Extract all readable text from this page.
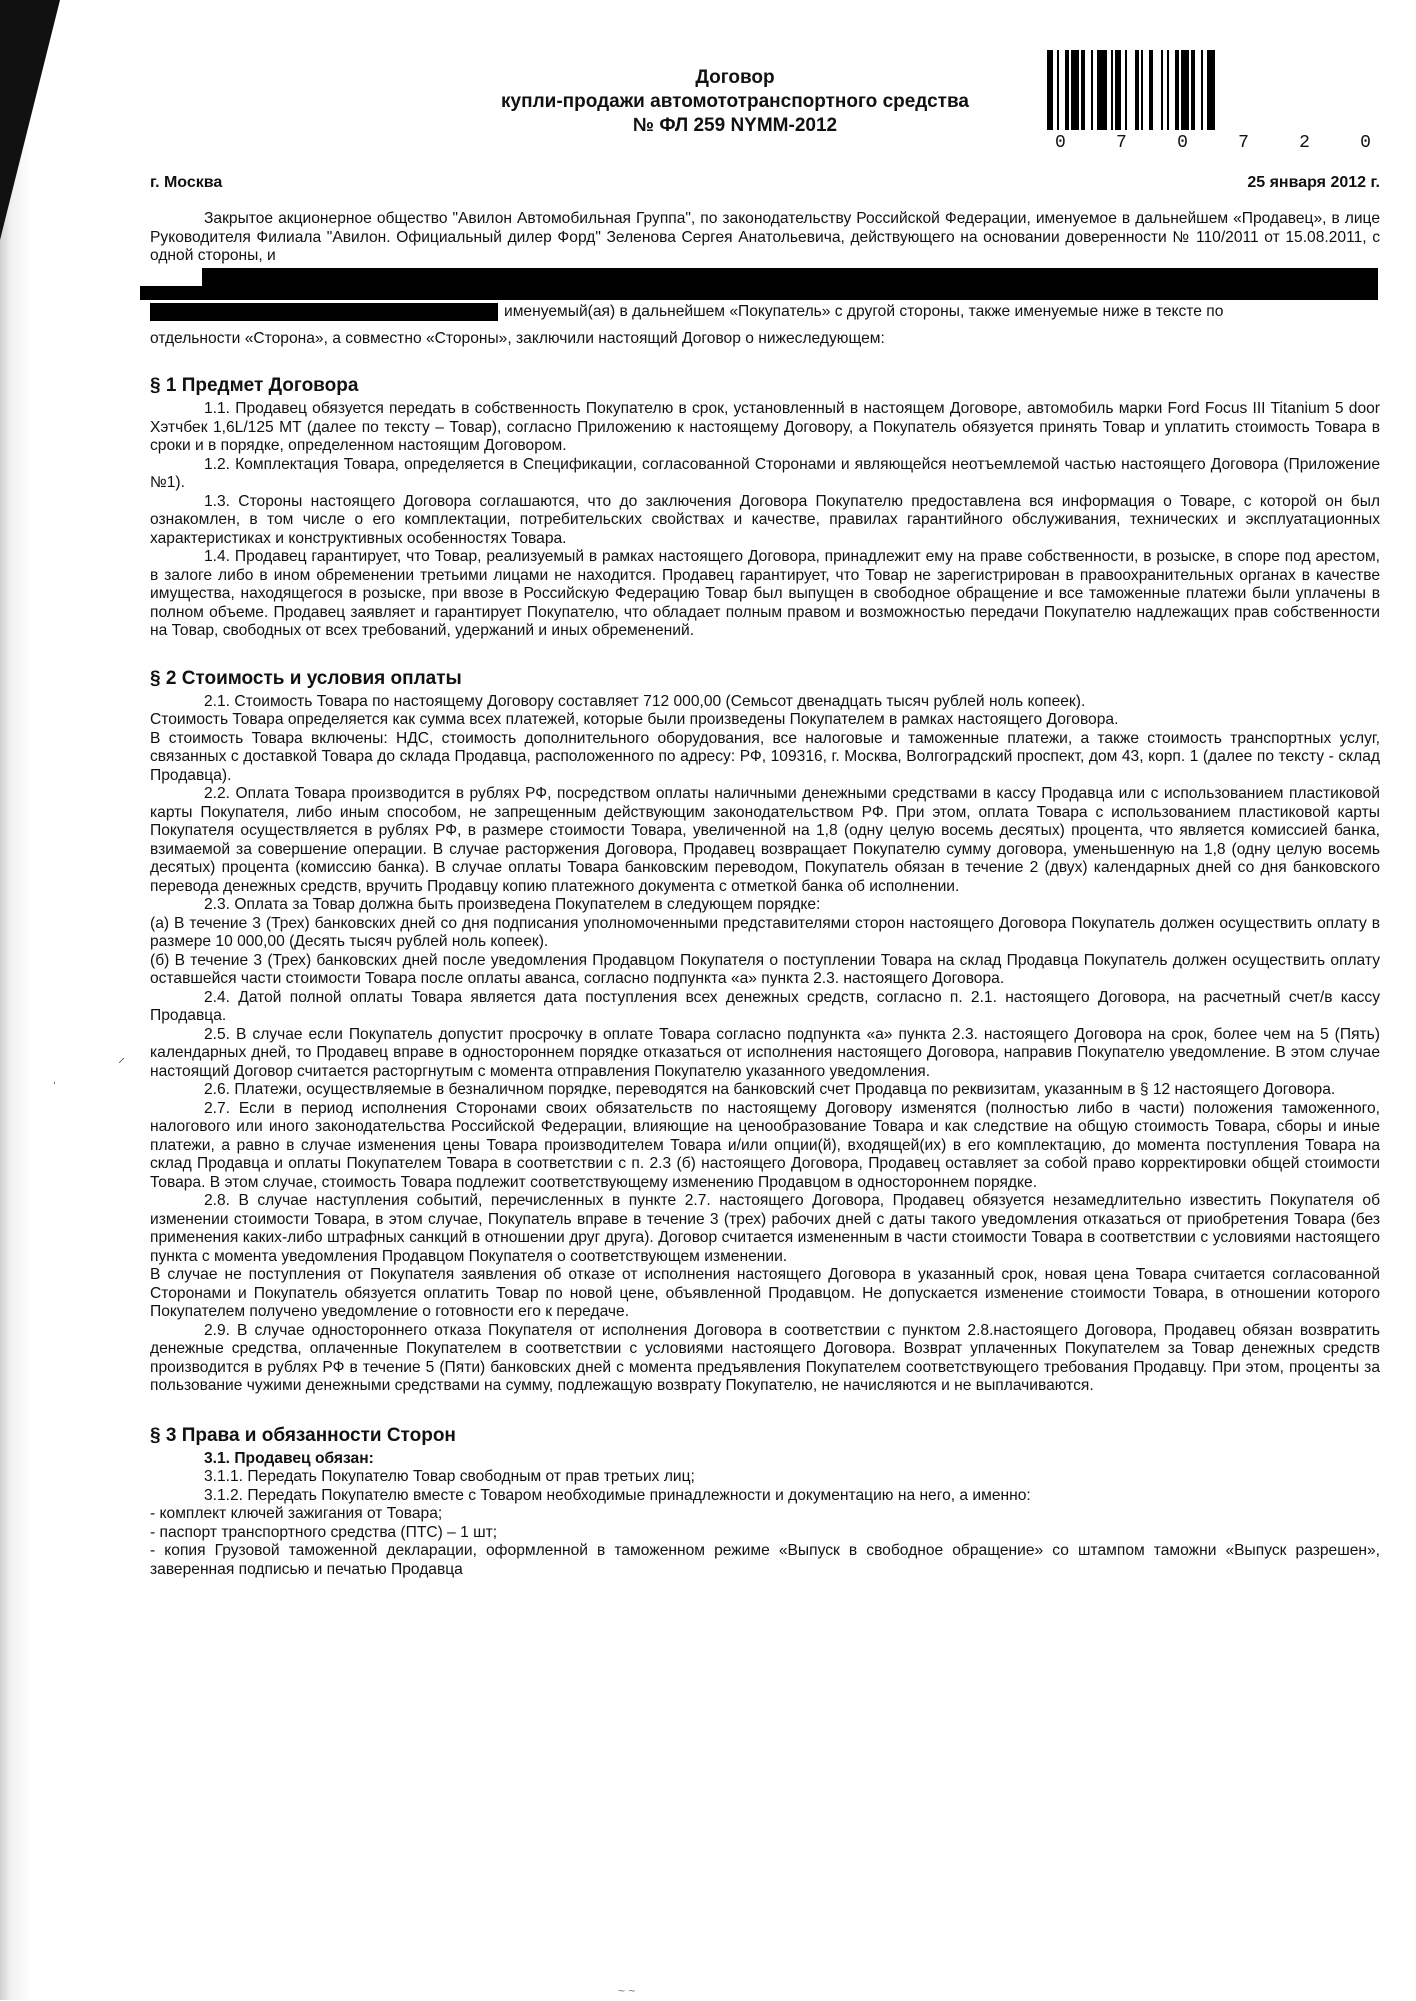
Договор
купли-продажи автомототранспортного средства
№ ФЛ 259 NYMM-2012
0	7	0	7	2	0
г. Москва	25 января 2012 г.

Закрытое акционерное общество "Авилон Автомобильная Группа", по законодательству Российской Федерации, именуемое в дальнейшем «Продавец», в лице Руководителя Филиала "Авилон. Официальный дилер Форд" Зеленова Сергея Анатольевича, действующего на основании доверенности № 110/2011 от 15.08.2011, с одной стороны, и

именуемый(ая) в дальнейшем «Покупатель» с другой стороны, также именуемые ниже в тексте по

отдельности «Сторона», а совместно «Стороны», заключили настоящий Договор о нижеследующем:

§ 1 Предмет Договора

1.1. Продавец обязуется передать в собственность Покупателю в срок, установленный в настоящем Договоре, автомобиль марки Ford Focus III Titanium 5 door Хэтчбек 1,6L/125 MT (далее по тексту – Товар), согласно Приложению к настоящему Договору, а Покупатель обязуется принять Товар и уплатить стоимость Товара в сроки и в порядке, определенном настоящим Договором.

1.2. Комплектация Товара, определяется в Спецификации, согласованной Сторонами и являющейся неотъемлемой частью настоящего Договора (Приложение №1).

1.3. Стороны настоящего Договора соглашаются, что до заключения Договора Покупателю предоставлена вся информация о Товаре, с которой он был ознакомлен, в том числе о его комплектации, потребительских свойствах и качестве, правилах гарантийного обслуживания, технических и эксплуатационных характеристиках и конструктивных особенностях Товара.

1.4. Продавец гарантирует, что Товар, реализуемый в рамках настоящего Договора, принадлежит ему на праве собственности, в розыске, в споре под арестом, в залоге либо в ином обременении третьими лицами не находится. Продавец гарантирует, что Товар не зарегистрирован в правоохранительных органах в качестве имущества, находящегося в розыске, при ввозе в Российскую Федерацию Товар был выпущен в свободное обращение и все таможенные платежи были уплачены в полном объеме. Продавец заявляет и гарантирует Покупателю, что обладает полным правом и возможностью передачи Покупателю надлежащих прав собственности на Товар, свободных от всех требований, удержаний и иных обременений.

§ 2 Стоимость и условия оплаты

2.1. Стоимость Товара по настоящему Договору составляет 712 000,00 (Семьсот двенадцать тысяч рублей ноль копеек).

Стоимость Товара определяется как сумма всех платежей, которые были произведены Покупателем в рамках настоящего Договора.

В стоимость Товара включены: НДС, стоимость дополнительного оборудования, все налоговые и таможенные платежи, а также стоимость транспортных услуг, связанных с доставкой Товара до склада Продавца, расположенного по адресу: РФ, 109316, г. Москва, Волгоградский проспект, дом 43, корп. 1 (далее по тексту - склад Продавца).

2.2. Оплата Товара производится в рублях РФ, посредством оплаты наличными денежными средствами в кассу Продавца или с использованием пластиковой карты Покупателя, либо иным способом, не запрещенным действующим законодательством РФ. При этом, оплата Товара с использованием пластиковой карты Покупателя осуществляется в рублях РФ, в размере стоимости Товара, увеличенной на 1,8 (одну целую восемь десятых) процента, что является комиссией банка, взимаемой за совершение операции. В случае расторжения Договора, Продавец возвращает Покупателю сумму договора, уменьшенную на 1,8 (одну целую восемь десятых) процента (комиссию банка). В случае оплаты Товара банковским переводом, Покупатель обязан в течение 2 (двух) календарных дней со дня банковского перевода денежных средств, вручить Продавцу копию платежного документа с отметкой банка об исполнении.

2.3. Оплата за Товар должна быть произведена Покупателем в следующем порядке:

(а) В течение 3 (Трех) банковских дней со дня подписания уполномоченными представителями сторон настоящего Договора Покупатель должен осуществить оплату в размере 10 000,00 (Десять тысяч рублей ноль копеек).

(б) В течение 3 (Трех) банковских дней после уведомления Продавцом Покупателя о поступлении Товара на склад Продавца Покупатель должен осуществить оплату оставшейся части стоимости Товара после оплаты аванса, согласно подпункта «а» пункта 2.3. настоящего Договора.

2.4. Датой полной оплаты Товара является дата поступления всех денежных средств, согласно п. 2.1. настоящего Договора, на расчетный счет/в кассу Продавца.

2.5. В случае если Покупатель допустит просрочку в оплате Товара согласно подпункта «а» пункта 2.3. настоящего Договора на срок, более чем на 5 (Пять) календарных дней, то Продавец вправе в одностороннем порядке отказаться от исполнения настоящего Договора, направив Покупателю уведомление. В этом случае настоящий Договор считается расторгнутым с момента отправления Покупателю указанного уведомления.

2.6. Платежи, осуществляемые в безналичном порядке, переводятся на банковский счет Продавца по реквизитам, указанным в § 12 настоящего Договора.

2.7. Если в период исполнения Сторонами своих обязательств по настоящему Договору изменятся (полностью либо в части) положения таможенного, налогового или иного законодательства Российской Федерации, влияющие на ценообразование Товара и как следствие на общую стоимость Товара, сборы и иные платежи, а равно в случае изменения цены Товара производителем Товара и/или опции(й), входящей(их) в его комплектацию, до момента поступления Товара на склад Продавца и оплаты Покупателем Товара в соответствии с п. 2.3 (б) настоящего Договора, Продавец оставляет за собой право корректировки общей стоимости Товара. В этом случае, стоимость Товара подлежит соответствующему изменению Продавцом в одностороннем порядке.

2.8. В случае наступления событий, перечисленных в пункте 2.7. настоящего Договора, Продавец обязуется незамедлительно известить Покупателя об изменении стоимости Товара, в этом случае, Покупатель вправе в течение 3 (трех) рабочих дней с даты такого уведомления отказаться от приобретения Товара (без применения каких-либо штрафных санкций в отношении друг друга). Договор считается измененным в части стоимости Товара в соответствии с условиями настоящего пункта с момента уведомления Продавцом Покупателя о соответствующем изменении.

В случае не поступления от Покупателя заявления об отказе от исполнения настоящего Договора в указанный срок, новая цена Товара считается согласованной Сторонами и Покупатель обязуется оплатить Товар по новой цене, объявленной Продавцом. Не допускается изменение стоимости Товара, в отношении которого Покупателем получено уведомление о готовности его к передаче.

2.9. В случае одностороннего отказа Покупателя от исполнения Договора в соответствии с пунктом 2.8.настоящего Договора, Продавец обязан возвратить денежные средства, оплаченные Покупателем в соответствии с условиями настоящего Договора. Возврат уплаченных Покупателем за Товар денежных средств производится в рублях РФ в течение 5 (Пяти) банковских дней с момента предъявления Покупателем соответствующего требования Продавцу. При этом, проценты за пользование чужими денежными средствами на сумму, подлежащую возврату Покупателю, не начисляются и не выплачиваются.

§ 3 Права и обязанности Сторон

3.1. Продавец обязан:

3.1.1. Передать Покупателю Товар свободным от прав третьих лиц;

3.1.2. Передать Покупателю вместе с Товаром необходимые принадлежности и документацию на него, а именно:

- комплект ключей зажигания от Товара;

- паспорт транспортного средства (ПТС) – 1 шт;

- копия Грузовой таможенной декларации, оформленной в таможенном режиме «Выпуск в свободное обращение» со штампом таможни «Выпуск разрешен», заверенная подписью и печатью Продавца

⸝
ˈ
~ ~
